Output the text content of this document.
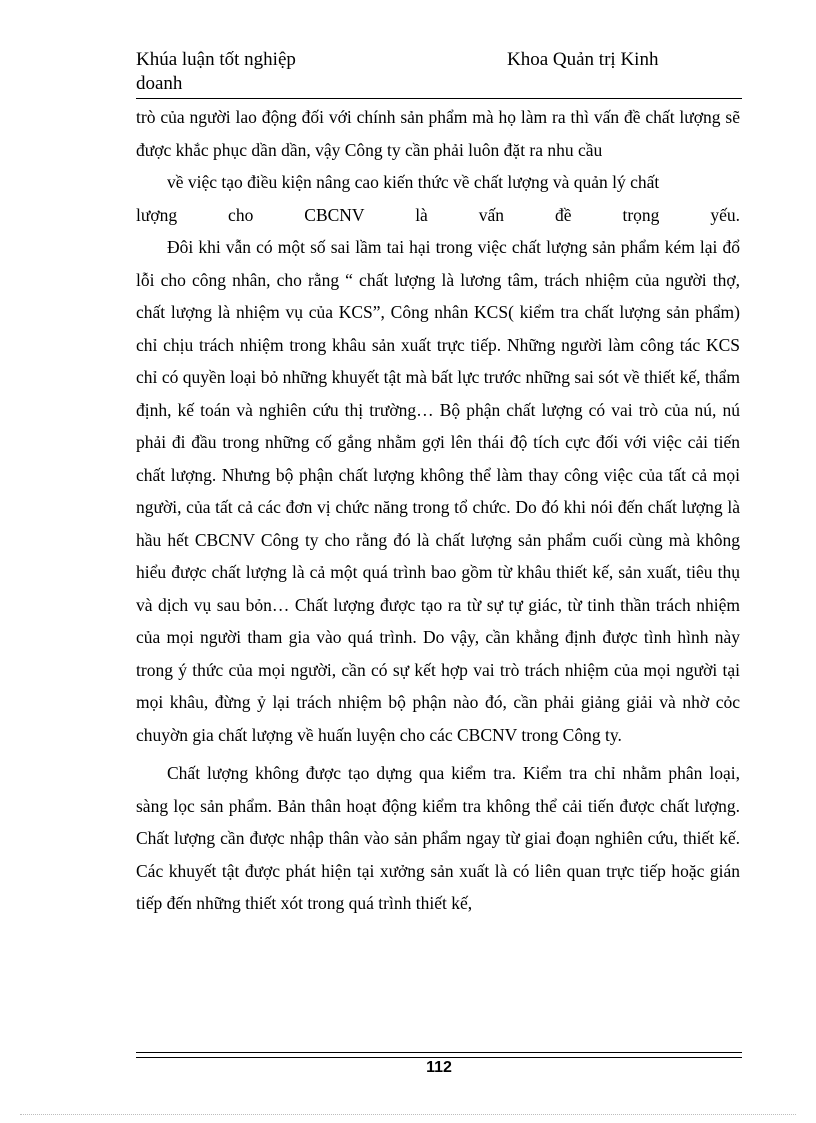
Khúa luận tốt nghiệp doanh
Khoa Quản trị Kinh

trò của người lao động đối với chính sản phẩm mà họ làm ra thì vấn đề chất lượng sẽ được khắc phục dần dần, vậy Công ty cần phải luôn đặt ra nhu cầu

về việc tạo điều kiện nâng cao kiến thức về chất lượng và quản lý chất

lượng cho CBCNV là vấn đề trọng yếu.

Đôi khi vẫn có một số sai lầm tai hại trong việc chất lượng sản phẩm kém lại đổ lỗi cho công nhân, cho rằng “ chất lượng là lương tâm, trách nhiệm của người thợ, chất lượng là nhiệm vụ của KCS”, Công nhân KCS( kiểm tra chất lượng sản phẩm) chỉ chịu trách nhiệm trong khâu sản xuất trực tiếp. Những người làm công tác KCS chỉ có quyền loại bỏ những khuyết tật mà bất lực trước những sai sót về thiết kế, thẩm định, kế toán và nghiên cứu thị trường… Bộ phận chất lượng có vai trò của nú, nú phải đi đầu trong những cố gắng nhằm gợi lên thái độ tích cực đối với việc cải tiến chất lượng. Nhưng bộ phận chất lượng không thể làm thay công việc của tất cả mọi người, của tất cả các đơn vị chức năng trong tổ chức. Do đó khi nói đến chất lượng là hầu hết CBCNV Công ty cho rằng đó là chất lượng sản phẩm cuối cùng mà không hiểu được chất lượng là cả một quá trình bao gồm từ khâu thiết kế, sản xuất, tiêu thụ và dịch vụ sau bỏn… Chất lượng được tạo ra từ sự tự giác, từ tinh thần trách nhiệm của mọi người tham gia vào quá trình. Do vậy, cần khẳng định được tình hình này trong ý thức của mọi người, cần có sự kết hợp vai trò trách nhiệm của mọi người tại mọi khâu, đừng ỷ lại trách nhiệm bộ phận nào đó, cần phải giảng giải và nhờ cỏc chuyờn gia chất lượng về huấn luyện cho các CBCNV trong Công ty.

Chất lượng không được tạo dựng qua kiểm tra. Kiểm tra chỉ nhằm phân loại, sàng lọc sản phẩm. Bản thân hoạt động kiểm tra không thể cải tiến được chất lượng. Chất lượng cần được nhập thân vào sản phẩm ngay từ giai đoạn nghiên cứu, thiết kế. Các khuyết tật được phát hiện tại xưởng sản xuất là có liên quan trực tiếp hoặc gián tiếp đến những thiết xót trong quá trình thiết kế,

112
